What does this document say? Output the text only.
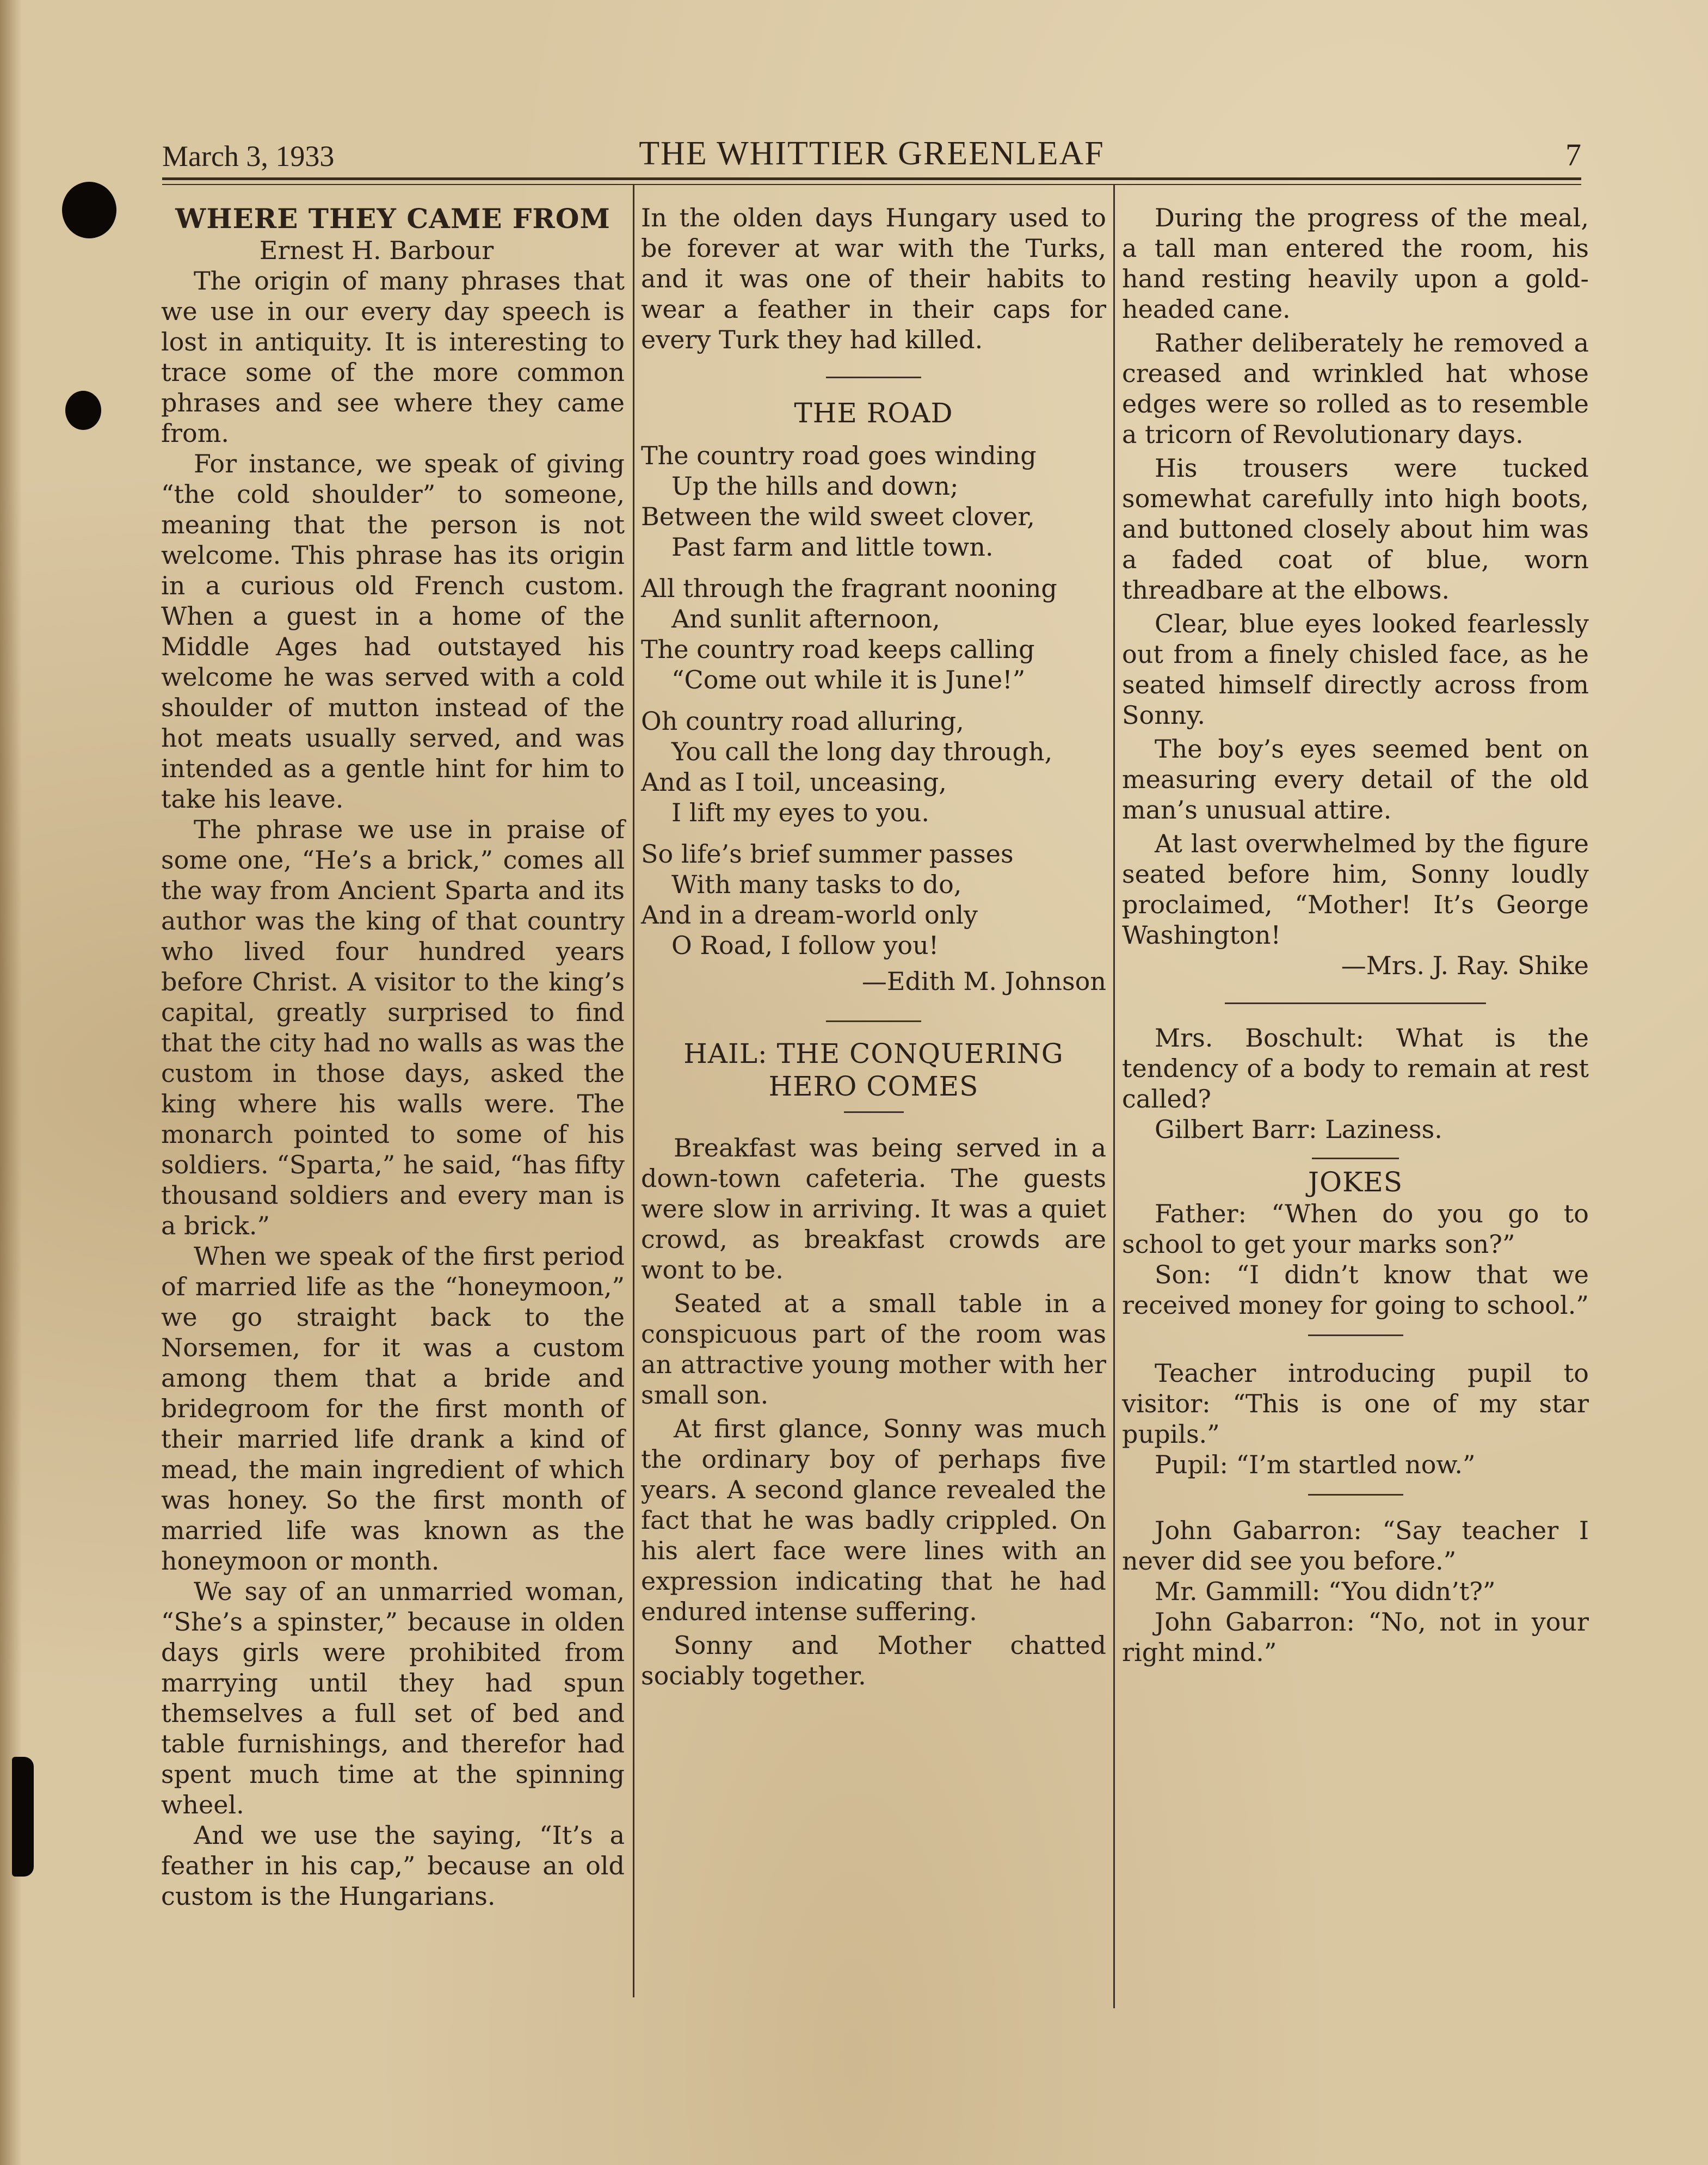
March 3, 1933	THE WHITTIER GREENLEAF	7
WHERE THEY CAME FROM
Ernest H. Barbour

The origin of many phrases that we use in our every day speech is lost in antiquity. It is interesting to trace some of the more common phrases and see where they came from.

For instance, we speak of giving “the cold shoulder” to someone, meaning that the person is not welcome. This phrase has its origin in a curious old French custom. When a guest in a home of the Middle Ages had outstayed his welcome he was served with a cold shoulder of mutton instead of the hot meats usually served, and was intended as a gentle hint for him to take his leave.

The phrase we use in praise of some one, “He’s a brick,” comes all the way from Ancient Sparta and its author was the king of that country who lived four hundred years before Christ. A visitor to the king’s capital, greatly surprised to find that the city had no walls as was the custom in those days, asked the king where his walls were. The monarch pointed to some of his soldiers. “Sparta,” he said, “has fifty thousand soldiers and every man is a brick.”

When we speak of the first period of married life as the “honeymoon,” we go straight back to the Norsemen, for it was a custom among them that a bride and bridegroom for the first month of their married life drank a kind of mead, the main ingredient of which was honey. So the first month of married life was known as the honeymoon or month.

We say of an unmarried woman, “She’s a spinster,” because in olden days girls were prohibited from marrying until they had spun themselves a full set of bed and table furnishings, and therefor had spent much time at the spinning wheel.

And we use the saying, “It’s a feather in his cap,” because an old custom is the Hungarians.

In the olden days Hungary used to be forever at war with the Turks, and it was one of their habits to wear a feather in their caps for every Turk they had killed.

THE ROAD
The country road goes winding
Up the hills and down;
Between the wild sweet clover,
Past farm and little town.
All through the fragrant nooning
And sunlit afternoon,
The country road keeps calling
“Come out while it is June!”
Oh country road alluring,
You call the long day through,
And as I toil, unceasing,
I lift my eyes to you.
So life’s brief summer passes
With many tasks to do,
And in a dream-world only
O Road, I follow you!
—Edith M. Johnson
HAIL: THE CONQUERING
HERO COMES

Breakfast was being served in a down-town cafeteria. The guests were slow in arriving. It was a quiet crowd, as breakfast crowds are wont to be.

Seated at a small table in a conspicuous part of the room was an attractive young mother with her small son.

At first glance, Sonny was much the ordinary boy of perhaps five years. A second glance revealed the fact that he was badly crippled. On his alert face were lines with an expression indicating that he had endured intense suffering.

Sonny and Mother chatted sociably together.

During the progress of the meal, a tall man entered the room, his hand resting heavily upon a gold-headed cane.

Rather deliberately he removed a creased and wrinkled hat whose edges were so rolled as to resemble a tricorn of Revolutionary days.

His trousers were tucked somewhat carefully into high boots, and buttoned closely about him was a faded coat of blue, worn threadbare at the elbows.

Clear, blue eyes looked fearlessly out from a finely chisled face, as he seated himself directly across from Sonny.

The boy’s eyes seemed bent on measuring every detail of the old man’s unusual attire.

At last overwhelmed by the figure seated before him, Sonny loudly proclaimed, “Mother! It’s George Washington!

—Mrs. J. Ray. Shike

Mrs. Boschult: What is the tendency of a body to remain at rest called?

Gilbert Barr: Laziness.

JOKES

Father: “When do you go to school to get your marks son?”

Son: “I didn’t know that we received money for going to school.”

Teacher introducing pupil to visitor: “This is one of my star pupils.”

Pupil: “I’m startled now.”

John Gabarron: “Say teacher I never did see you before.”

Mr. Gammill: “You didn’t?”

John Gabarron: “No, not in your right mind.”
